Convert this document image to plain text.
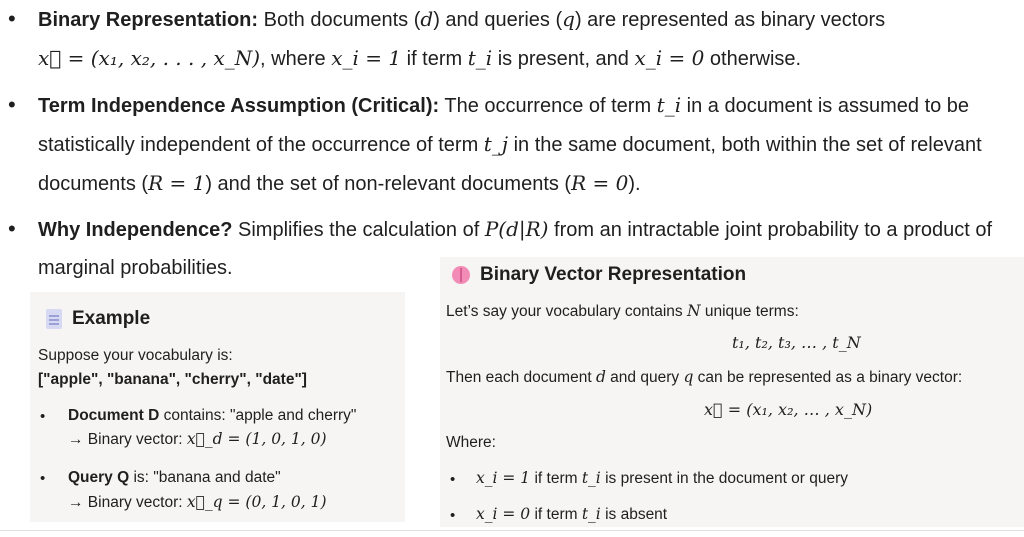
• Binary Representation: Both documents (d) and queries (q) are represented as binary vectors
x⃗ = (x₁, x₂, . . . , x_N), where x_i = 1 if term t_i is present, and x_i = 0 otherwise.
• Term Independence Assumption (Critical): The occurrence of term t_i in a document is assumed to be statistically independent of the occurrence of term t_j in the same document, both within the set of relevant documents (R = 1) and the set of non-relevant documents (R = 0).
• Why Independence? Simplifies the calculation of P(d|R) from an intractable joint probability to a product of marginal probabilities.
Example
Suppose your vocabulary is:
["apple", "banana", "cherry", "date"]
• Document D contains: "apple and cherry"
→ Binary vector: x⃗_d = (1, 0, 1, 0)
• Query Q is: "banana and date"
→ Binary vector: x⃗_q = (0, 1, 0, 1)
Binary Vector Representation
Let’s say your vocabulary contains N unique terms:
t₁, t₂, t₃, … , t_N
Then each document d and query q can be represented as a binary vector:
x⃗ = (x₁, x₂, … , x_N)
Where:
• x_i = 1 if term t_i is present in the document or query
• x_i = 0 if term t_i is absent
